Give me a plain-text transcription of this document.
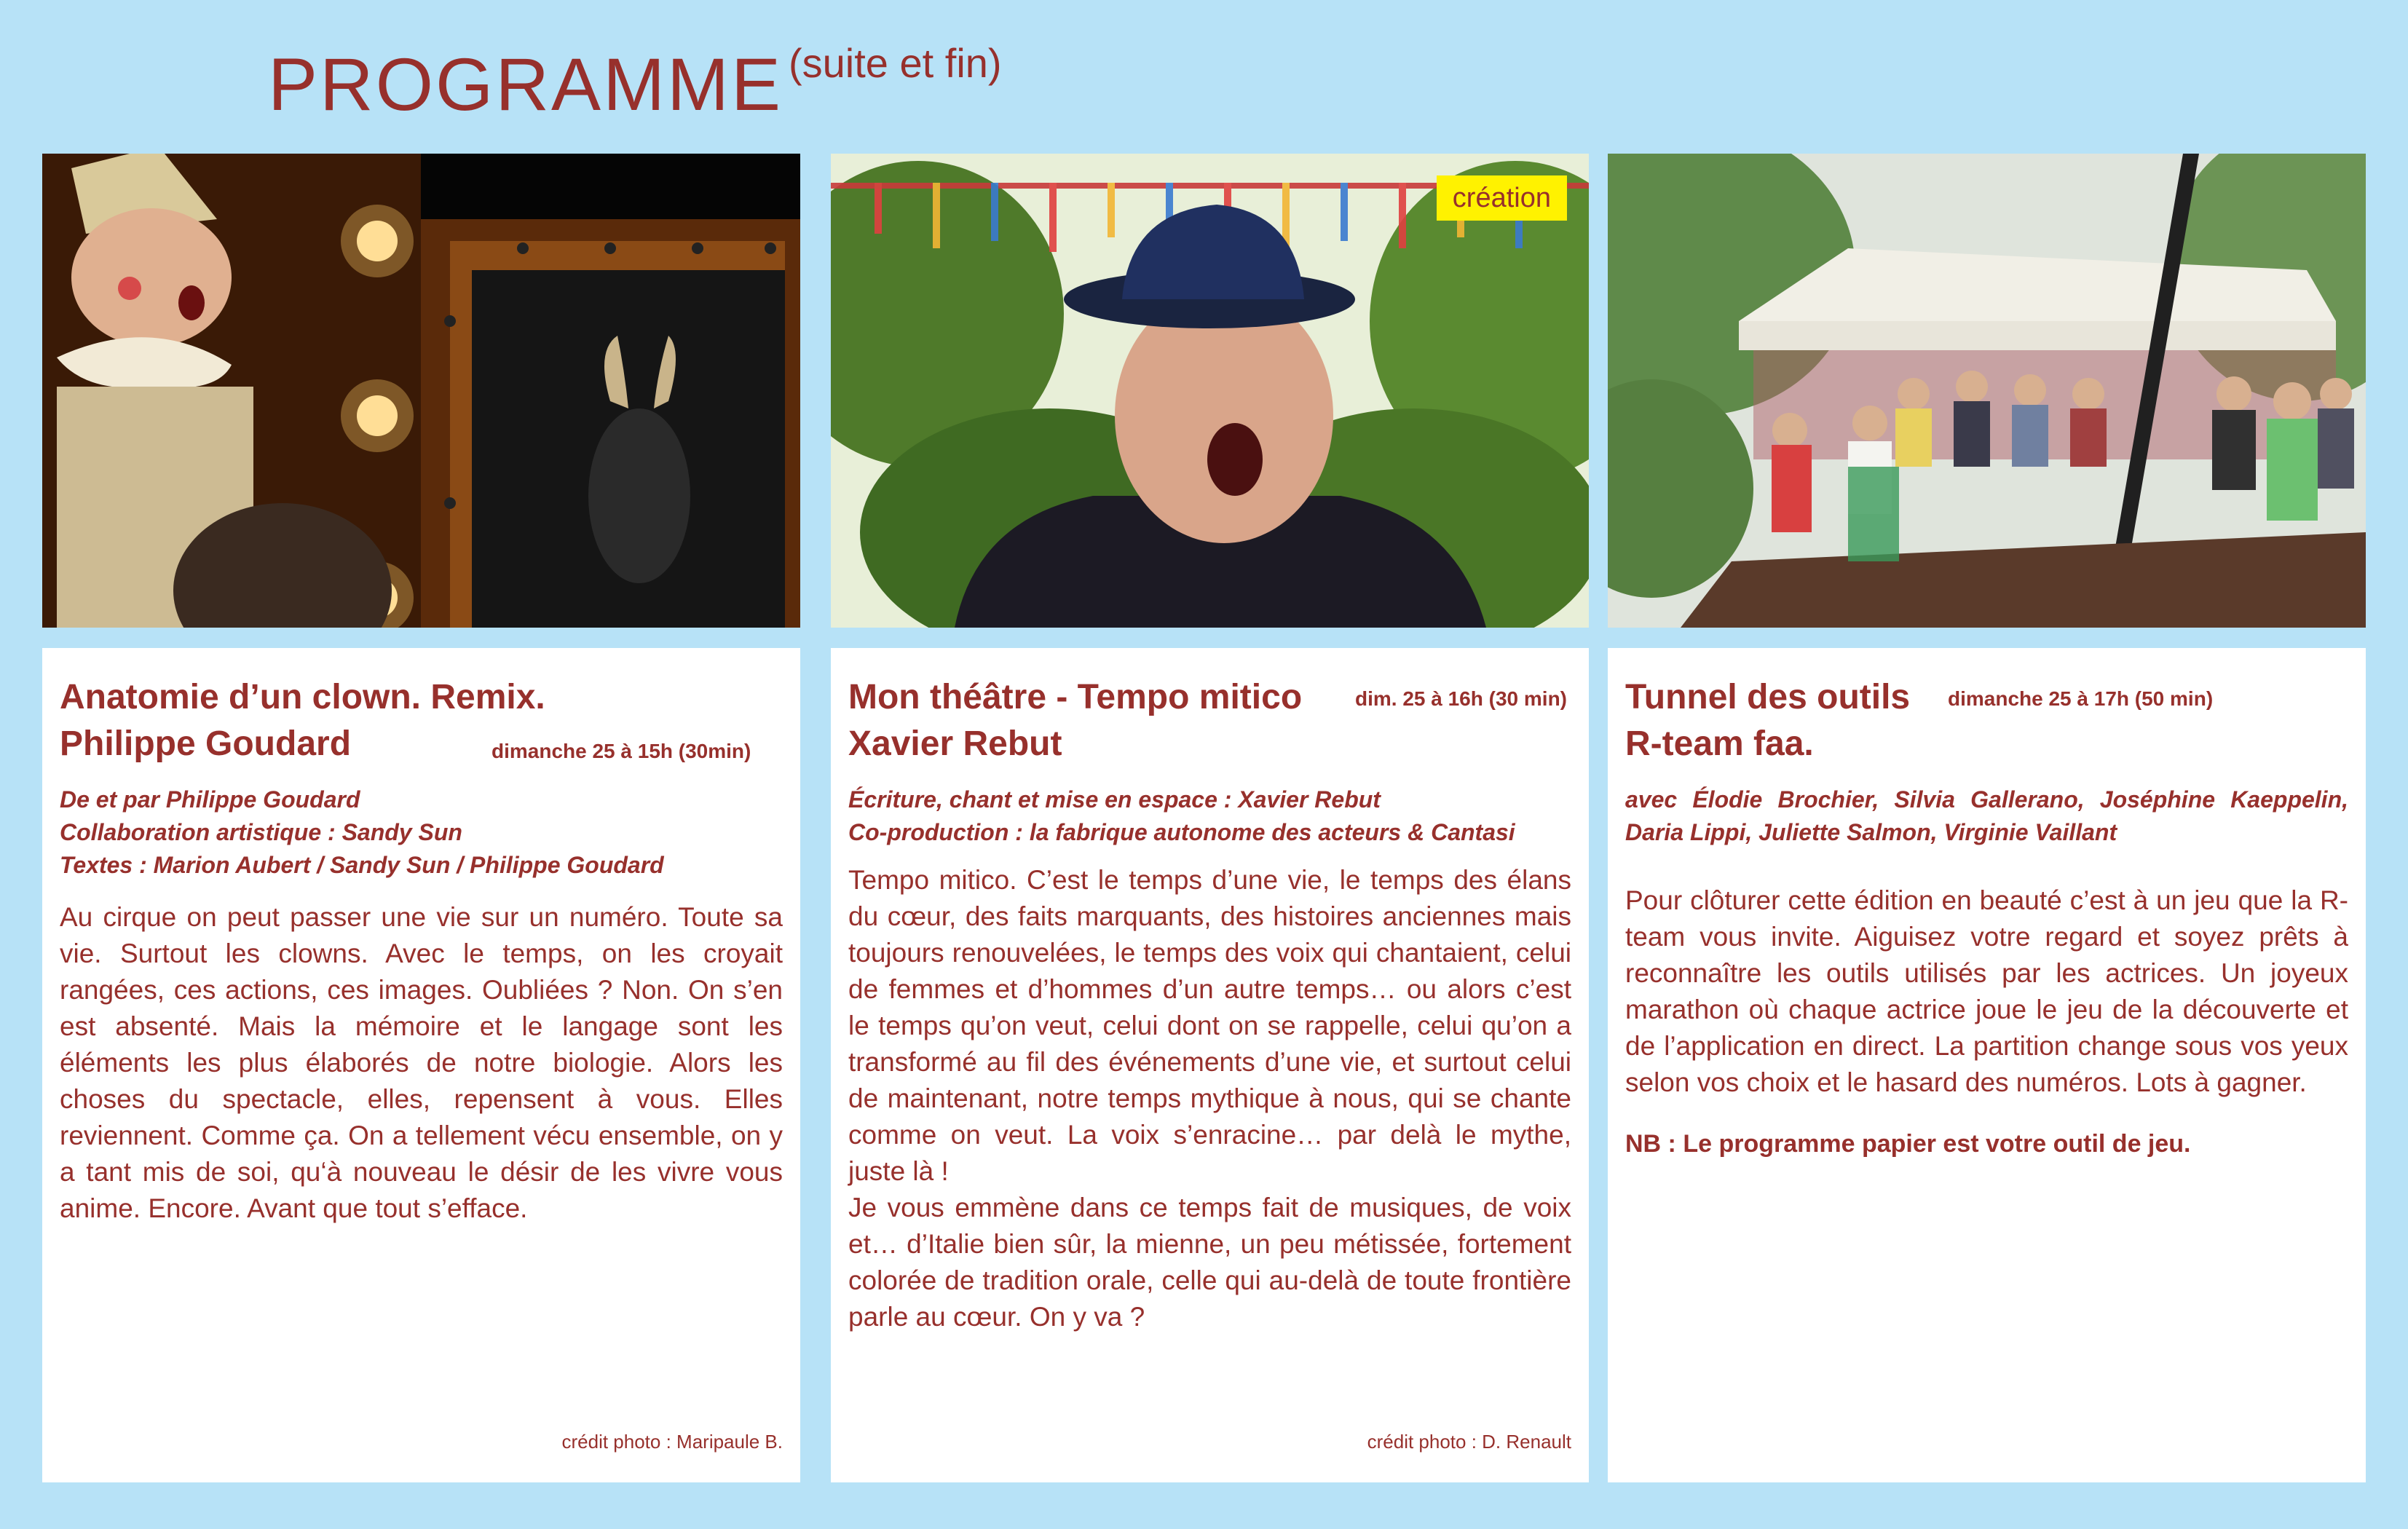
PROGRAMME (suite et fin)
création
Anatomie d’un clown. Remix.
Philippe Goudard	dimanche 25 à 15h (30min)
De et par Philippe Goudard
Collaboration artistique : Sandy Sun
Textes : Marion Aubert / Sandy Sun / Philippe Goudard
Au cirque on peut passer une vie sur un numéro. Toute sa vie. Surtout les clowns. Avec le temps, on les croyait rangées, ces actions, ces images. Oubliées ? Non. On s’en est absenté. Mais la mémoire et le langage sont les éléments les plus élaborés de notre biologie. Alors les choses du spectacle, elles, repensent à vous. Elles reviennent. Comme ça. On a tellement vécu ensemble, on y a tant mis de soi, qu‘à nouveau le désir de les vivre vous anime. Encore. Avant que tout s’efface.
crédit photo : Maripaule B.
Mon théâtre - Tempo mitico
Xavier Rebut
dim. 25 à 16h (30 min)
Écriture, chant et mise en espace : Xavier Rebut
Co-production : la fabrique autonome des acteurs & Cantasi

Tempo mitico. C’est le temps d’une vie, le temps des élans du cœur, des faits marquants, des histoires anciennes mais toujours renouvelées, le temps des voix qui chantaient, celui de femmes et d’hommes d’un autre temps… ou alors c’est le temps qu’on veut, celui dont on se rappelle, celui qu’on a transformé au fil des événements d’une vie, et surtout celui de maintenant, notre temps mythique à nous, qui se chante comme on veut. La voix s’enracine… par delà le mythe, juste là !

Je vous emmène dans ce temps fait de musiques, de voix et… d’Italie bien sûr, la mienne, un peu métissée, fortement colorée de tradition orale, celle qui au-delà de toute frontière parle au cœur. On y va ?

crédit photo : D. Renault
Tunnel des outils
R-team faa.
dimanche 25 à 17h (50 min)
avec Élodie Brochier, Silvia Gallerano, Joséphine Kaeppelin, Daria Lippi, Juliette Salmon, Virginie Vaillant
Pour clôturer cette édition en beauté c’est à un jeu que la R-team vous invite. Aiguisez votre regard et soyez prêts à reconnaître les outils utilisés par les actrices. Un joyeux marathon où chaque actrice joue le jeu de la découverte et de l’application en direct. La partition change sous vos yeux selon vos choix et le hasard des numéros. Lots à gagner.
NB : Le programme papier est votre outil de jeu.
